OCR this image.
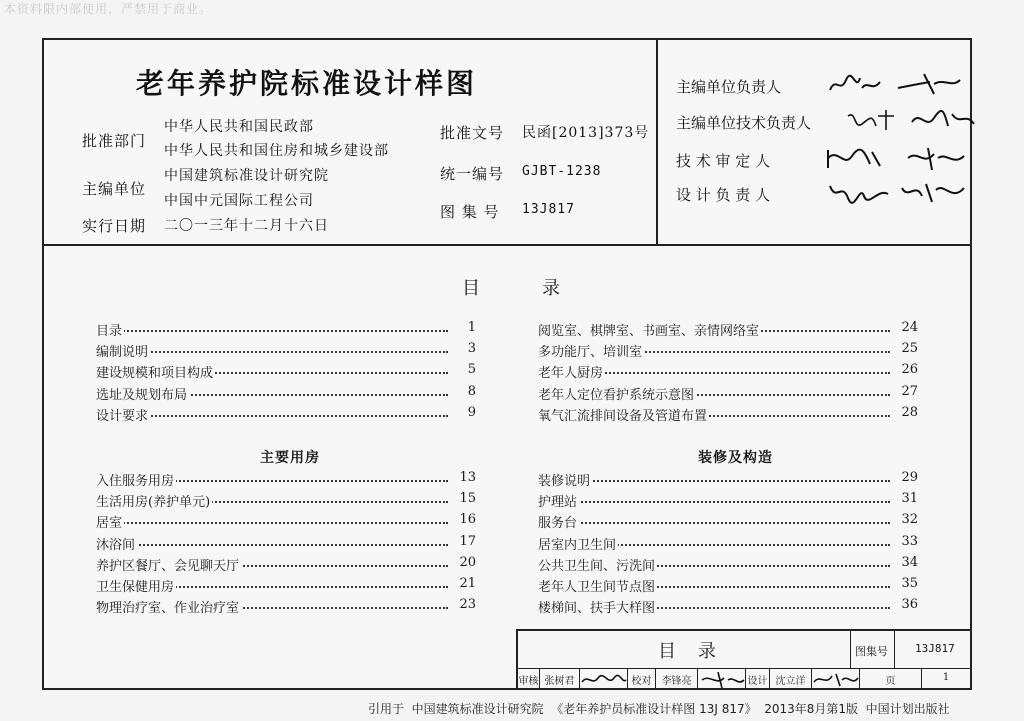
本资料限内部使用，严禁用于商业。
老年养护院标准设计样图
批准部门
中华人民共和国民政部
中华人民共和国住房和城乡建设部
主编单位
中国建筑标准设计研究院
中国中元国际工程公司
实行日期 二〇一三年十二月十六日
批准文号 民函[2013]373号
统一编号 GJBT-1238
图 集 号 13J817
主编单位负责人
主编单位技术负责人
技 术 审 定 人
设 计 负 责 人
目	录
目录	1
编制说明	3
建设规模和项目构成	5
选址及规划布局	8
设计要求	9
主要用房
入住服务用房	13
生活用房(养护单元)	15
居室	16
沐浴间	17
养护区餐厅、会见聊天厅	20
卫生保健用房	21
物理治疗室、作业治疗室	23
阅览室、棋牌室、书画室、亲情网络室	24
多功能厅、培训室	25
老年人厨房	26
老年人定位看护系统示意图	27
氧气汇流排间设备及管道布置	28
装修及构造
装修说明	29
护理站	31
服务台	32
居室内卫生间	33
公共卫生间、污洗间	34
老年人卫生间节点图	35
楼梯间、扶手大样图	36
目 录	图集号	13J817
审核 张树君	校对	李锋亮	设计 沈立洋	页	1
引用于  中国建筑标准设计研究院  《老年养护员标准设计样图 13J 817》  2013年8月第1版  中国计划出版社
